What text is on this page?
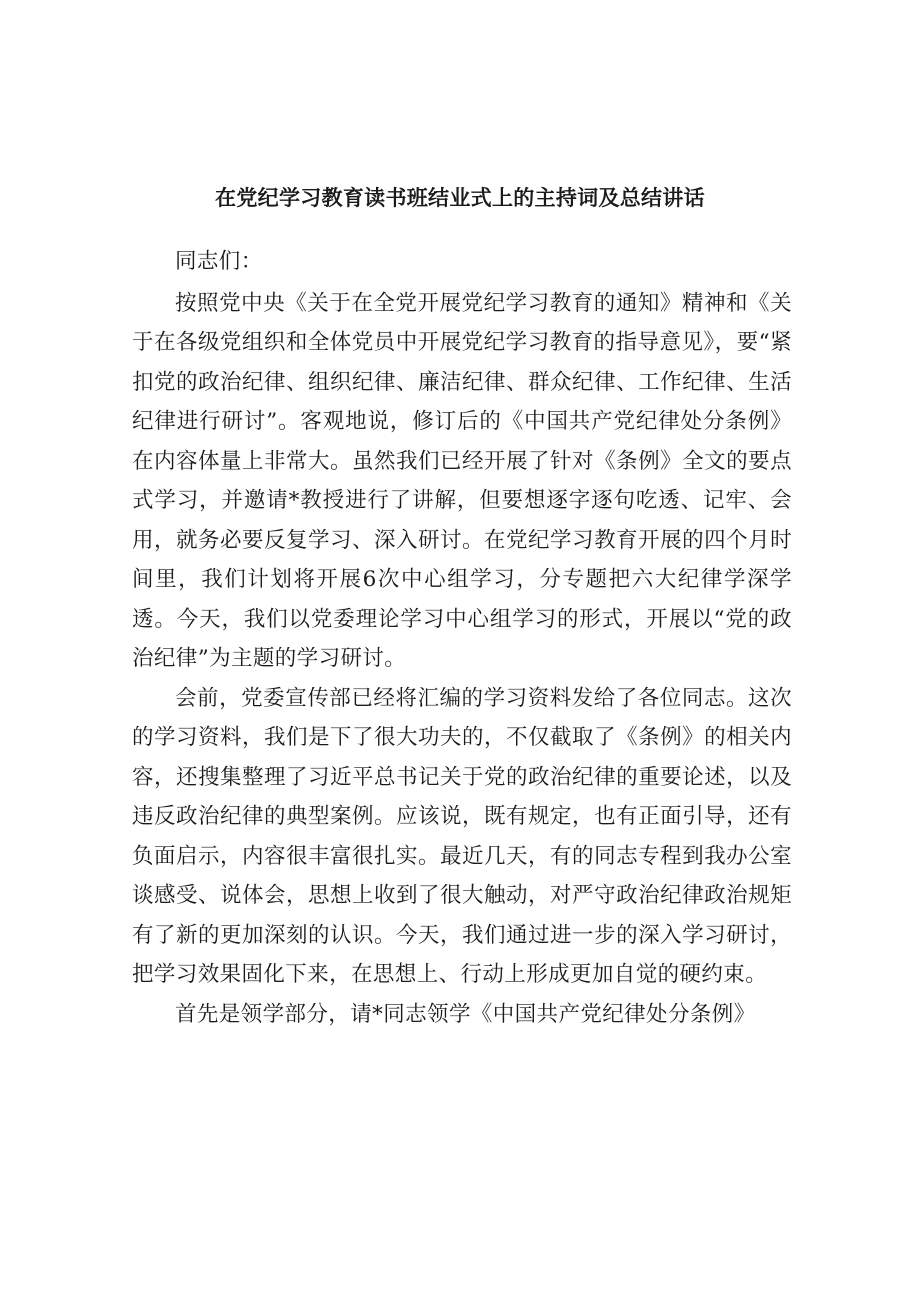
在党纪学习教育读书班结业式上的主持词及总结讲话

同志们：

按照党中央《关于在全党开展党纪学习教育的通知》精神和《关于在各级党组织和全体党员中开展党纪学习教育的指导意见》，要“紧扣党的政治纪律、组织纪律、廉洁纪律、群众纪律、工作纪律、生活纪律进行研讨”。客观地说，修订后的《中国共产党纪律处分条例》在内容体量上非常大。虽然我们已经开展了针对《条例》全文的要点式学习，并邀请*教授进行了讲解，但要想逐字逐句吃透、记牢、会用，就务必要反复学习、深入研讨。在党纪学习教育开展的四个月时间里，我们计划将开展6次中心组学习，分专题把六大纪律学深学透。今天，我们以党委理论学习中心组学习的形式，开展以“党的政治纪律”为主题的学习研讨。

会前，党委宣传部已经将汇编的学习资料发给了各位同志。这次的学习资料，我们是下了很大功夫的，不仅截取了《条例》的相关内容，还搜集整理了习近平总书记关于党的政治纪律的重要论述，以及违反政治纪律的典型案例。应该说，既有规定，也有正面引导，还有负面启示，内容很丰富很扎实。最近几天，有的同志专程到我办公室谈感受、说体会，思想上收到了很大触动，对严守政治纪律政治规矩有了新的更加深刻的认识。今天，我们通过进一步的深入学习研讨，把学习效果固化下来，在思想上、行动上形成更加自觉的硬约束。

首先是领学部分，请*同志领学《中国共产党纪律处分条例》
